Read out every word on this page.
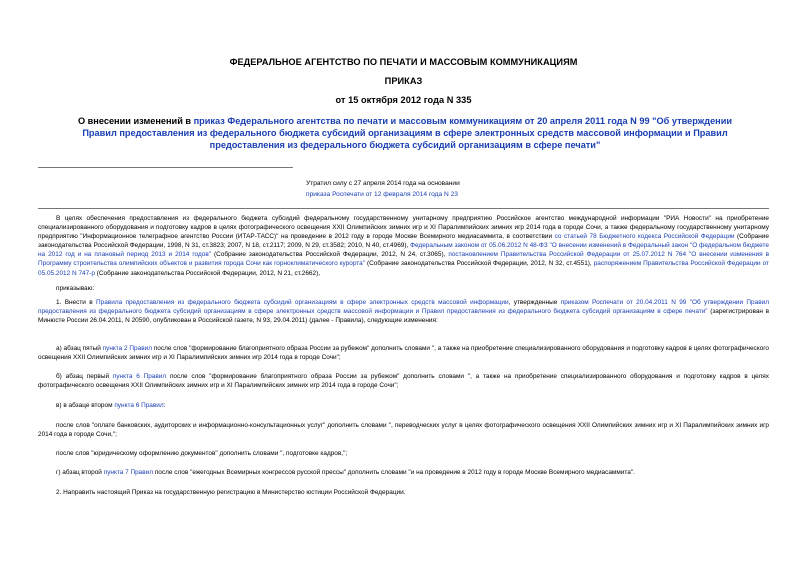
ФЕДЕРАЛЬНОЕ АГЕНТСТВО ПО ПЕЧАТИ И МАССОВЫМ КОММУНИКАЦИЯМ
ПРИКАЗ
от 15 октября 2012 года N 335
О внесении изменений в приказ Федерального агентства по печати и массовым коммуникациям от 20 апреля 2011 года N 99 "Об утверждении Правил предоставления из федерального бюджета субсидий организациям в сфере электронных средств массовой информации и Правил предоставления из федерального бюджета субсидий организациям в сфере печати"
Утратил силу с 27 апреля 2014 года на основании
приказа Роспечати от 12 февраля 2014 года N 23
В целях обеспечения предоставления из федерального бюджета субсидий федеральному государственному унитарному предприятию Российское агентство международной информации "РИА Новости" на приобретение специализированного оборудования и подготовку кадров в целях фотографического освещения XXII Олимпийских зимних игр и XI Паралимпийских зимних игр 2014 года в городе Сочи, а также федеральному государственному унитарному предприятию "Информационное телеграфное агентство России (ИТАР-ТАСС)" на проведение в 2012 году в городе Москве Всемирного медиасаммита, в соответствии со статьей 78 Бюджетного кодекса Российской Федерации (Собрание законодательства Российской Федерации, 1998, N 31, ст.3823; 2007, N 18, ст.2117; 2009, N 29, ст.3582; 2010, N 40, ст.4969), Федеральным законом от 05.06.2012 N 48-ФЗ "О внесении изменений в Федеральный закон "О федеральном бюджете на 2012 год и на плановый период 2013 и 2014 годов" (Собрание законодательства Российской Федерации, 2012, N 24, ст.3065), постановлением Правительства Российской Федерации от 25.07.2012 N 764 "О внесении изменения в Программу строительства олимпийских объектов и развития города Сочи как горноклиматического курорта" (Собрание законодательства Российской Федерации, 2012, N 32, ст.4551), распоряжением Правительства Российской Федерации от 05.05.2012 N 747-р (Собрание законодательства Российской Федерации, 2012, N 21, ст.2662),
приказываю:
1. Внести в Правила предоставления из федерального бюджета субсидий организациям в сфере электронных средств массовой информации, утвержденные приказом Роспечати от 20.04.2011 N 99 "Об утверждении Правил предоставления из федерального бюджета субсидий организациям в сфере электронных средств массовой информации и Правил предоставления из федерального бюджета субсидий организациям в сфере печати" (зарегистрирован в Минюсте России 26.04.2011, N 20590, опубликован в Российской газете, N 93, 29.04.2011) (далее - Правила), следующие изменения:
а) абзац пятый пункта 2 Правил после слов "формирование благоприятного образа России за рубежом" дополнить словами ", а также на приобретение специализированного оборудования и подготовку кадров в целях фотографического освещения XXII Олимпийских зимних игр и XI Паралимпийских зимних игр 2014 года в городе Сочи";
б) абзац первый пункта 6 Правил после слов "формирование благоприятного образа России за рубежом" дополнить словами ", а также на приобретение специализированного оборудования и подготовку кадров в целях фотографического освещения XXII Олимпийских зимних игр и XI Паралимпийских зимних игр 2014 года в городе Сочи";
в) в абзаце втором пункта 6 Правил:
после слов "оплате банковских, аудиторских и информационно-консультационных услуг" дополнить словами ", переводческих услуг в целях фотографического освещения XXII Олимпийских зимних игр и XI Паралимпийских зимних игр 2014 года в городе Сочи,";
после слов "юридическому оформлению документов" дополнить словами ", подготовке кадров,";
г) абзац второй пункта 7 Правил после слов "ежегодных Всемирных конгрессов русской прессы" дополнить словами "и на проведение в 2012 году в городе Москве Всемирного медиасаммита".
2. Направить настоящий Приказ на государственную регистрацию в Министерство юстиции Российской Федерации.
